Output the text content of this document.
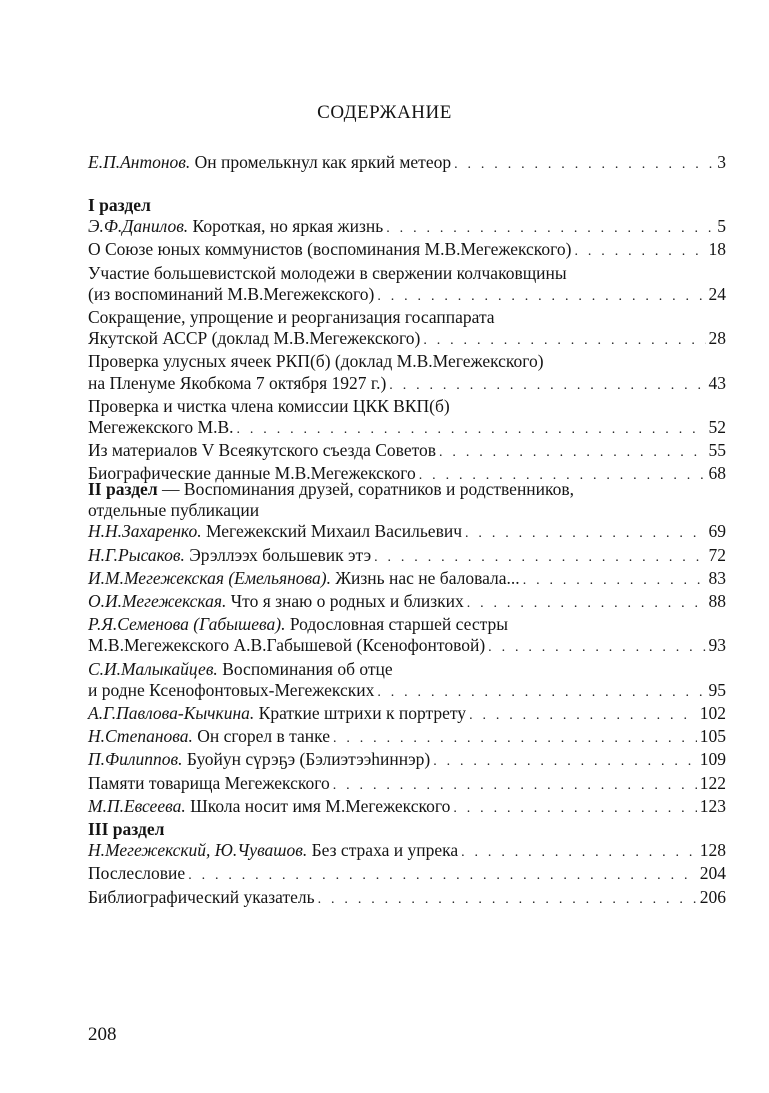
СОДЕРЖАНИЕ
Е.П.Антонов. Он промелькнул как яркий метеор . . .	3
I раздел
Э.Ф.Данилов. Короткая, но яркая жизнь . . .	5
О Союзе юных коммунистов (воспоминания М.В.Мегежекского) . . .	18
Участие большевистской молодежи в свержении колчаковщины
(из воспоминаний М.В.Мегежекского) . . .	24
Сокращение, упрощение и реорганизация госаппарата
Якутской АССР (доклад М.В.Мегежекского) . . .	28
Проверка улусных ячеек РКП(б) (доклад М.В.Мегежекского)
на Пленуме Якобкома 7 октября 1927 г.) . . .	43
Проверка и чистка члена комиссии ЦКК ВКП(б)
Мегежекского М.В. . . .	52
Из материалов V Всеякутского съезда Советов . . .	55
Биографические данные М.В.Мегежекского . . .	68
II раздел — Воспоминания друзей, соратников и родственников,
отдельные публикации
Н.Н.Захаренко. Мегежекский Михаил Васильевич . . .	69
Н.Г.Рысаков. Эрэллээх большевик этэ . . .	72
И.М.Мегежекская (Емельянова). Жизнь нас не баловала... . . .	83
О.И.Мегежекская. Что я знаю о родных и близких . . .	88
Р.Я.Семенова (Габышева). Родословная старшей сестры
М.В.Мегежекского А.В.Габышевой (Ксенофонтовой) . . .	93
С.И.Малыкайцев. Воспоминания об отце
и родне Ксенофонтовых-Мегежекских . . .	95
А.Г.Павлова-Кычкина. Краткие штрихи к портрету . . .	102
Н.Степанова. Он сгорел в танке . . .	105
П.Филиппов. Буойун сүрэҕэ (Бэлиэтээһиннэр) . . .	109
Памяти товарища Мегежекского . . .	122
М.П.Евсеева. Школа носит имя М.Мегежекского . . .	123
III раздел
Н.Мегежекский, Ю.Чувашов. Без страха и упрека . . .	128
Послесловие . . .	204
Библиографический указатель . . .	206
208
